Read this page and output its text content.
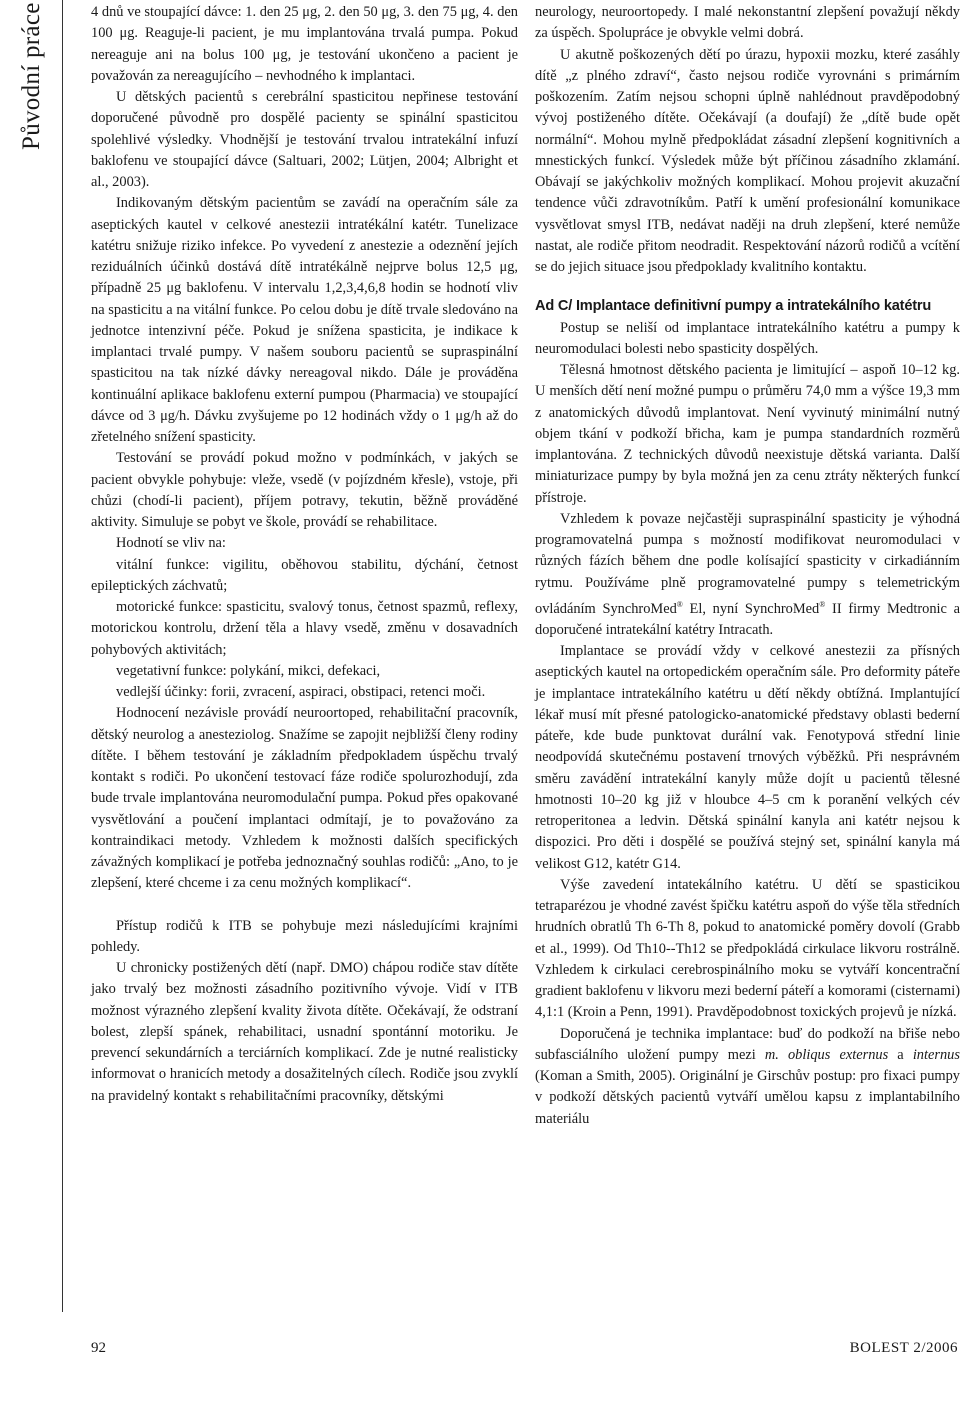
Původní práce	4 dnů ve stoupající dávce: 1. den 25 μg, 2. den 50 μg, 3. den 75 μg, 4. den 100 μg. Reaguje-li pacient, je mu implantována trvalá pumpa. Pokud nereaguje ani na bolus 100 μg, je testování ukončeno a pacient je považován za nereagujícího – nevhodného k implantaci.

U dětských pacientů s cerebrální spasticitou nepřinese testování doporučené původně pro dospělé pacienty se spinální spasticitou spolehlivé výsledky. Vhodnější je testování trvalou intratekální infuzí baklofenu ve stoupající dávce (Saltuari, 2002; Lütjen, 2004; Albright et al., 2003).

Indikovaným dětským pacientům se zavádí na operačním sále za aseptických kautel v celkové anestezii intratékální katétr. Tunelizace katétru snižuje riziko infekce. Po vyvedení z anestezie a odeznění jejích reziduálních účinků dostává dítě intratékálně nejprve bolus 12,5 μg, případně 25 μg baklofenu. V intervalu 1,2,3,4,6,8 hodin se hodnotí vliv na spasticitu a na vitální funkce. Po celou dobu je dítě trvale sledováno na jednotce intenzivní péče. Pokud je snížena spasticita, je indikace k implantaci trvalé pumpy. V našem souboru pacientů se supraspinální spasticitou na tak nízké dávky nereagoval nikdo. Dále je prováděna kontinuální aplikace baklofenu externí pumpou (Pharmacia) ve stoupající dávce od 3 μg/h. Dávku zvyšujeme po 12 hodinách vždy o 1 μg/h až do zřetelného snížení spasticity.

Testování se provádí pokud možno v podmínkách, v jakých se pacient obvykle pohybuje: vleže, vsedě (v pojízdném křesle), vstoje, při chůzi (chodí-li pacient), příjem potravy, tekutin, běžně prováděné aktivity. Simuluje se pobyt ve škole, provádí se rehabilitace.

Hodnotí se vliv na:

vitální funkce: vigilitu, oběhovou stabilitu, dýchání, četnost epileptických záchvatů;

motorické funkce: spasticitu, svalový tonus, četnost spazmů, reflexy, motorickou kontrolu, držení těla a hlavy vsedě, změnu v dosavadních pohybových aktivitách;

vegetativní funkce: polykání, mikci, defekaci,

vedlejší účinky: forii, zvracení, aspiraci, obstipaci, retenci moči.

Hodnocení nezávisle provádí neuroortoped, rehabilitační pracovník, dětský neurolog a anesteziolog. Snažíme se zapojit nejbližší členy rodiny dítěte. I během testování je základním předpokladem úspěchu trvalý kontakt s rodiči. Po ukončení testovací fáze rodiče spolurozhodují, zda bude trvale implantována neuromodulační pumpa. Pokud přes opakované vysvětlování a poučení implantaci odmítají, je to považováno za kontraindikaci metody. Vzhledem k možnosti dalších specifických závažných komplikací je potřeba jednoznačný souhlas rodičů: „Ano, to je zlepšení, které chceme i za cenu možných komplikací“.

Přístup rodičů k ITB se pohybuje mezi následujícími krajními pohledy.

U chronicky postižených dětí (např. DMO) chápou rodiče stav dítěte jako trvalý bez možnosti zásadního pozitivního vývoje. Vidí v ITB možnost výrazného zlepšení kvality života dítěte. Očekávají, že odstraní bolest, zlepší spánek, rehabilitaci, usnadní spontánní motoriku. Je prevencí sekundárních a terciárních komplikací. Zde je nutné realisticky informovat o hranicích metody a dosažitelných cílech. Rodiče jsou zvyklí na pravidelný kontakt s rehabilitačními pracovníky, dětskými

neurology, neuroortopedy. I malé nekonstantní zlepšení považují někdy za úspěch. Spolupráce je obvykle velmi dobrá.

U akutně poškozených dětí po úrazu, hypoxii mozku, které zasáhly dítě „z plného zdraví“, často nejsou rodiče vyrovnáni s primárním poškozením. Zatím nejsou schopni úplně nahlédnout pravděpodobný vývoj postiženého dítěte. Očekávají (a doufají) že „dítě bude opět normální“. Mohou mylně předpokládat zásadní zlepšení kognitivních a mnestických funkcí. Výsledek může být příčinou zásadního zklamání. Obávají se jakýchkoliv možných komplikací. Mohou projevit akuzační tendence vůči zdravotníkům. Patří k umění profesionální komunikace vysvětlovat smysl ITB, nedávat naději na druh zlepšení, které nemůže nastat, ale rodiče přitom neodradit. Respektování názorů rodičů a vcítění se do jejich situace jsou předpoklady kvalitního kontaktu.

Ad C/ Implantace definitivní pumpy a intratekálního katétru

Postup se neliší od implantace intratekálního katétru a pumpy k neuromodulaci bolesti nebo spasticity dospělých.

Tělesná hmotnost dětského pacienta je limitující – aspoň 10–12 kg. U menších dětí není možné pumpu o průměru 74,0 mm a výšce 19,3 mm z anatomických důvodů implantovat. Není vyvinutý minimální nutný objem tkání v podkoží břicha, kam je pumpa standardních rozměrů implantována. Z technických důvodů neexistuje dětská varianta. Další miniaturizace pumpy by byla možná jen za cenu ztráty některých funkcí přístroje.

Vzhledem k povaze nejčastěji supraspinální spasticity je výhodná programovatelná pumpa s možností modifikovat neuromodulaci v různých fázích během dne podle kolísající spasticity v cirkadiánním rytmu. Používáme plně programovatelné pumpy s telemetrickým ovládáním SynchroMed® El, nyní SynchroMed® II firmy Medtronic a doporučené intratekální katétry Intracath.

Implantace se provádí vždy v celkové anestezii za přísných aseptických kautel na ortopedickém operačním sále. Pro deformity páteře je implantace intratekálního katétru u dětí někdy obtížná. Implantující lékař musí mít přesné patologicko-anatomické představy oblasti bederní páteře, kde bude punktovat durální vak. Fenotypová střední linie neodpovídá skutečnému postavení trnových výběžků. Při nesprávném směru zavádění intratekální kanyly může dojít u pacientů tělesné hmotnosti 10–20 kg již v hloubce 4–5 cm k poranění velkých cév retroperitonea a ledvin. Dětská spinální kanyla ani katétr nejsou k dispozici. Pro děti i dospělé se používá stejný set, spinální kanyla má velikost G12, katétr G14.

Výše zavedení intatekálního katétru. U dětí se spasticikou tetraparézou je vhodné zavést špičku katétru aspoň do výše těla středních hrudních obratlů Th 6-Th 8, pokud to anatomické poměry dovolí (Grabb et al., 1999). Od Th10--Th12 se předpokládá cirkulace likvoru rostrálně. Vzhledem k cirkulaci cerebrospinálního moku se vytváří koncentrační gradient baklofenu v likvoru mezi bederní páteří a komorami (cisternami) 4,1:1 (Kroin a Penn, 1991). Pravděpodobnost toxických projevů je nízká.

Doporučená je technika implantace: buď do podkoží na břiše nebo subfasciálního uložení pumpy mezi m. obliqus externus a internus (Koman a Smith, 2005). Originální je Girschův postup: pro fixaci pumpy v podkoží dětských pacientů vytváří umělou kapsu z implantabilního materiálu

92	BOLEST 2/2006
